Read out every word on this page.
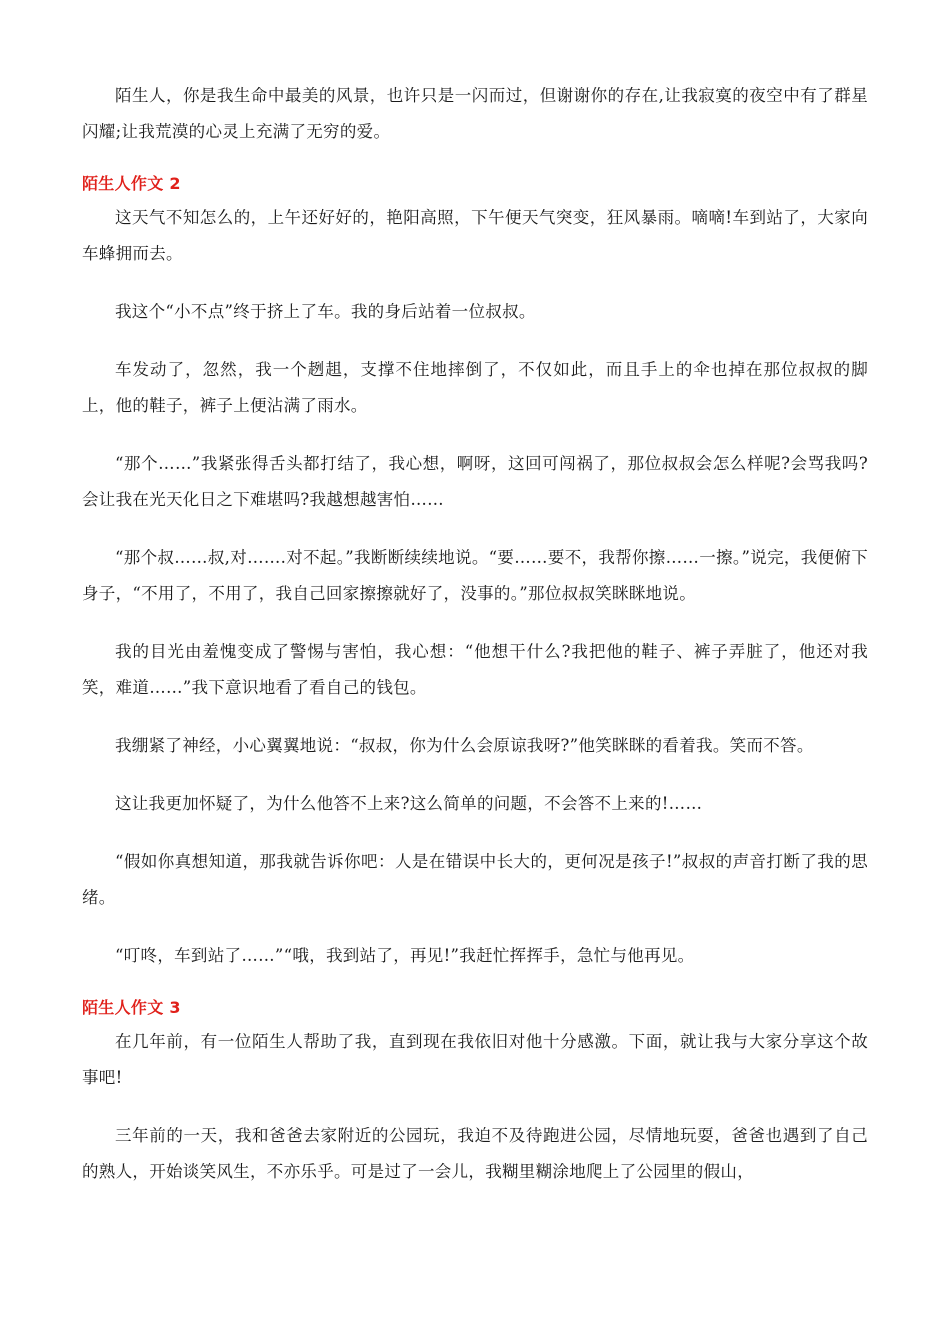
陌生人，你是我生命中最美的风景，也许只是一闪而过，但谢谢你的存在,让我寂寞的夜空中有了群星闪耀;让我荒漠的心灵上充满了无穷的爱。

陌生人作文 2

这天气不知怎么的，上午还好好的，艳阳高照，下午便天气突变，狂风暴雨。嘀嘀!车到站了，大家向车蜂拥而去。

我这个“小不点”终于挤上了车。我的身后站着一位叔叔。

车发动了，忽然，我一个趔趄，支撑不住地摔倒了，不仅如此，而且手上的伞也掉在那位叔叔的脚上，他的鞋子，裤子上便沾满了雨水。

“那个……”我紧张得舌头都打结了，我心想，啊呀，这回可闯祸了，那位叔叔会怎么样呢?会骂我吗?会让我在光天化日之下难堪吗?我越想越害怕……

“那个叔……叔,对…….对不起。”我断断续续地说。“要……要不，我帮你擦……一擦。”说完，我便俯下身子，“不用了，不用了，我自己回家擦擦就好了，没事的。”那位叔叔笑眯眯地说。

我的目光由羞愧变成了警惕与害怕，我心想：“他想干什么?我把他的鞋子、裤子弄脏了，他还对我笑，难道……”我下意识地看了看自己的钱包。

我绷紧了神经，小心翼翼地说：“叔叔，你为什么会原谅我呀?”他笑眯眯的看着我。笑而不答。

这让我更加怀疑了，为什么他答不上来?这么简单的问题，不会答不上来的!……

“假如你真想知道，那我就告诉你吧：人是在错误中长大的，更何况是孩子!”叔叔的声音打断了我的思绪。

“叮咚，车到站了……”“哦，我到站了，再见!”我赶忙挥挥手，急忙与他再见。

陌生人作文 3

在几年前，有一位陌生人帮助了我，直到现在我依旧对他十分感激。下面，就让我与大家分享这个故事吧!

三年前的一天，我和爸爸去家附近的公园玩，我迫不及待跑进公园，尽情地玩耍，爸爸也遇到了自己的熟人，开始谈笑风生，不亦乐乎。可是过了一会儿，我糊里糊涂地爬上了公园里的假山，
